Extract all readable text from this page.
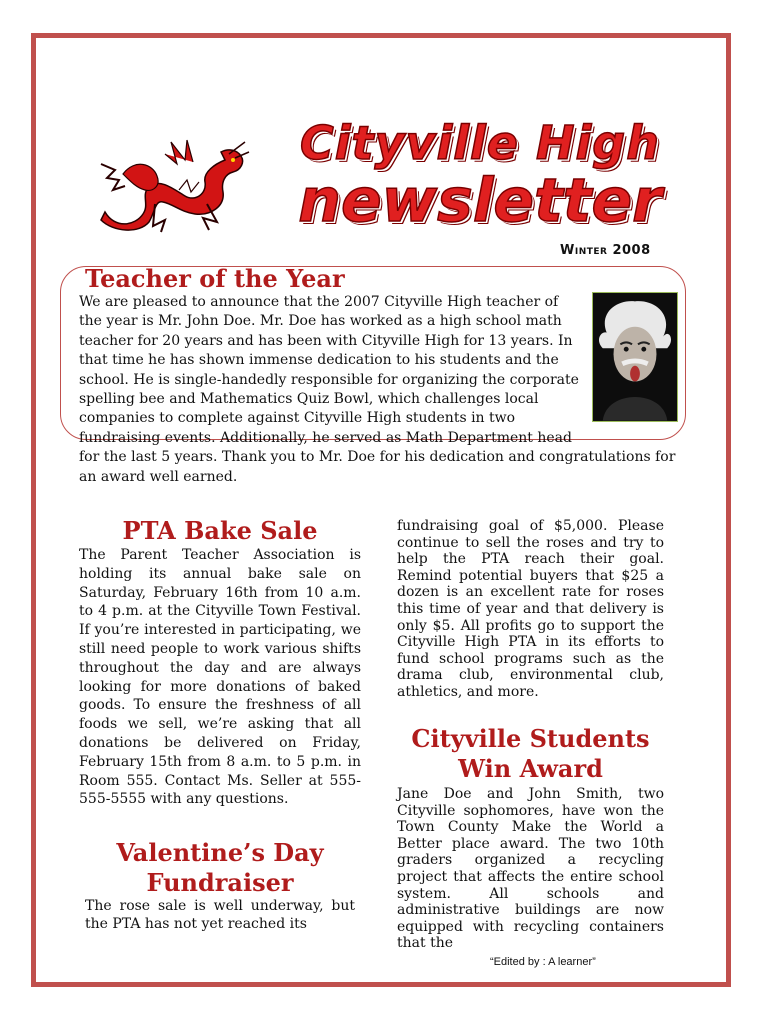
Cityville High
newsletter
Winter 2008
Teacher of the Year
We are pleased to announce that the 2007 Cityville High teacher of
the year is Mr. John Doe. Mr. Doe has worked as a high school math
teacher for 20 years and has been with Cityville High for 13 years. In
that time he has shown immense dedication to his students and the
school. He is single-handedly responsible for organizing the corporate
spelling bee and Mathematics Quiz Bowl, which challenges local
companies to complete against Cityville High students in two
fundraising events. Additionally, he served as Math Department head
for the last 5 years. Thank you to Mr. Doe for his dedication and congratulations for
an award well earned.
PTA Bake Sale
The Parent Teacher Association is holding its annual bake sale on Saturday, February 16th from 10 a.m. to 4 p.m. at the Cityville Town Festival. If you’re interested in participating, we still need people to work various shifts throughout the day and are always looking for more donations of baked goods. To ensure the freshness of all foods we sell, we’re asking that all donations be delivered on Friday, February 15th from 8 a.m. to 5 p.m. in Room 555. Contact Ms. Seller at 555-555-5555 with any questions.
Valentine’s Day
Fundraiser
The rose sale is well underway, but the PTA has not yet reached its
fundraising goal of $5,000. Please continue to sell the roses and try to help the PTA reach their goal. Remind potential buyers that $25 a dozen is an excellent rate for roses this time of year and that delivery is only $5. All profits go to support the Cityville High PTA in its efforts to fund school programs such as the drama club, environmental club, athletics, and more.
Cityville Students
Win Award
Jane Doe and John Smith, two Cityville sophomores, have won the Town County Make the World a Better place award. The two 10th graders organized a recycling project that affects the entire school system. All schools and administrative buildings are now equipped with recycling containers that the
“Edited by : A learner”
